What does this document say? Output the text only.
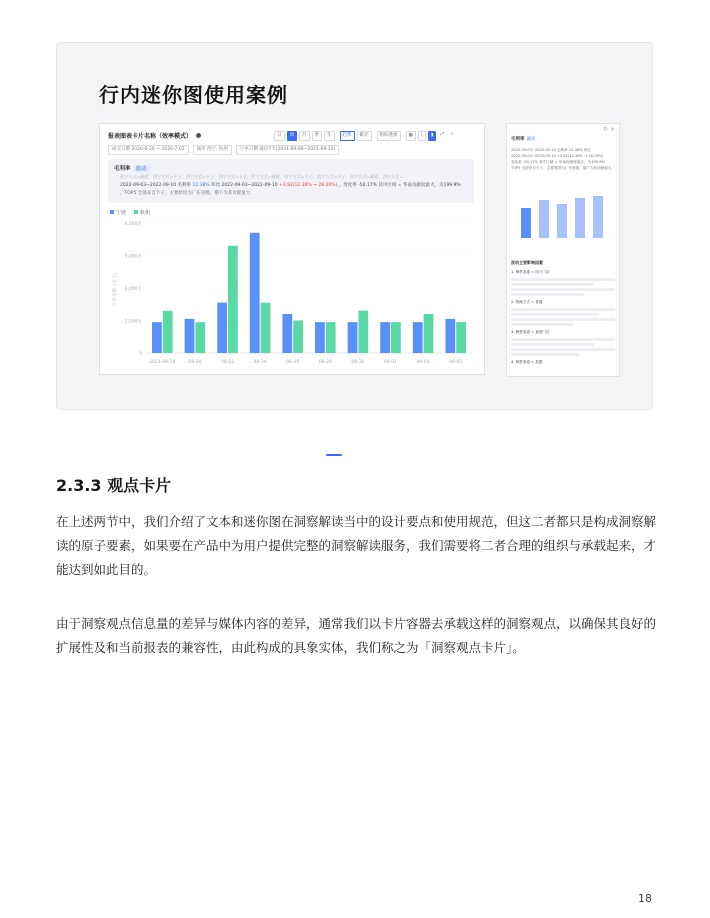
行内迷你图使用案例
报表图表卡片名称（效率模式）	日	周	月	季	年	趋势	累计	指标透视	▦	⌇	▮	⤢	☆
成交日期 2020-6-20 ~ 2020-7-02	城市 西宁, 杭州	订单日期 最近7天(2021-09-06~2021-09-12)
毛利率 波动
西宁方式=郝班、西宁方式=卡子、西宁方式=卡子、西宁方式=卡子、西宁方式=郝班、西宁方式=卡子、西宁方式=卡子、西宁方式=郝班、西宁方式=...
2022-09-03~2022-09-10 毛利率 12.38% 环比 2022-09-03~2022-09-10 +3.82(12.38% → 28.26%) ，变化率 -50.17% 其中区域 = 华南贡献度最大，为199.9%
，TOP5 全部来自卡子，主要原因为广东省级，描下为其贡献值大
宁波	杭州
0
1,000万
2,000万
3,000万
4,000万
订单金额（万元）
2021-08-18	08-20	08-22	08-24	08-26	08-28	08-30	09-01	09-03	09-05
↻ ×
毛利率 波动
2022-09-03~2022-09-10 毛利率 12.38% 环比
2022-09-03~2022-09-10 +3.82(12.38% → 28.26%)
变化率 -50.17% 其中区域 = 华南贡献度最大，为199.9%
TOP5 全部来自卡子，主要原因为广东省级，描下为其贡献值大
波动主要影响因素
1. 销售渠道 = 线下门店
2. 物流方式 = 普通
3. 销售渠道 = 直营门店
4. 销售渠道 = 加盟
2.3.3 观点卡片

在上述两节中，我们介绍了文本和迷你图在洞察解读当中的设计要点和使用规范，但这二者都只是构成洞察解读的原子要素，如果要在产品中为用户提供完整的洞察解读服务，我们需要将二者合理的组织与承载起来，才能达到如此目的。

由于洞察观点信息量的差异与媒体内容的差异，通常我们以卡片容器去承载这样的洞察观点，以确保其良好的扩展性及和当前报表的兼容性，由此构成的具象实体，我们称之为「洞察观点卡片」。

18
